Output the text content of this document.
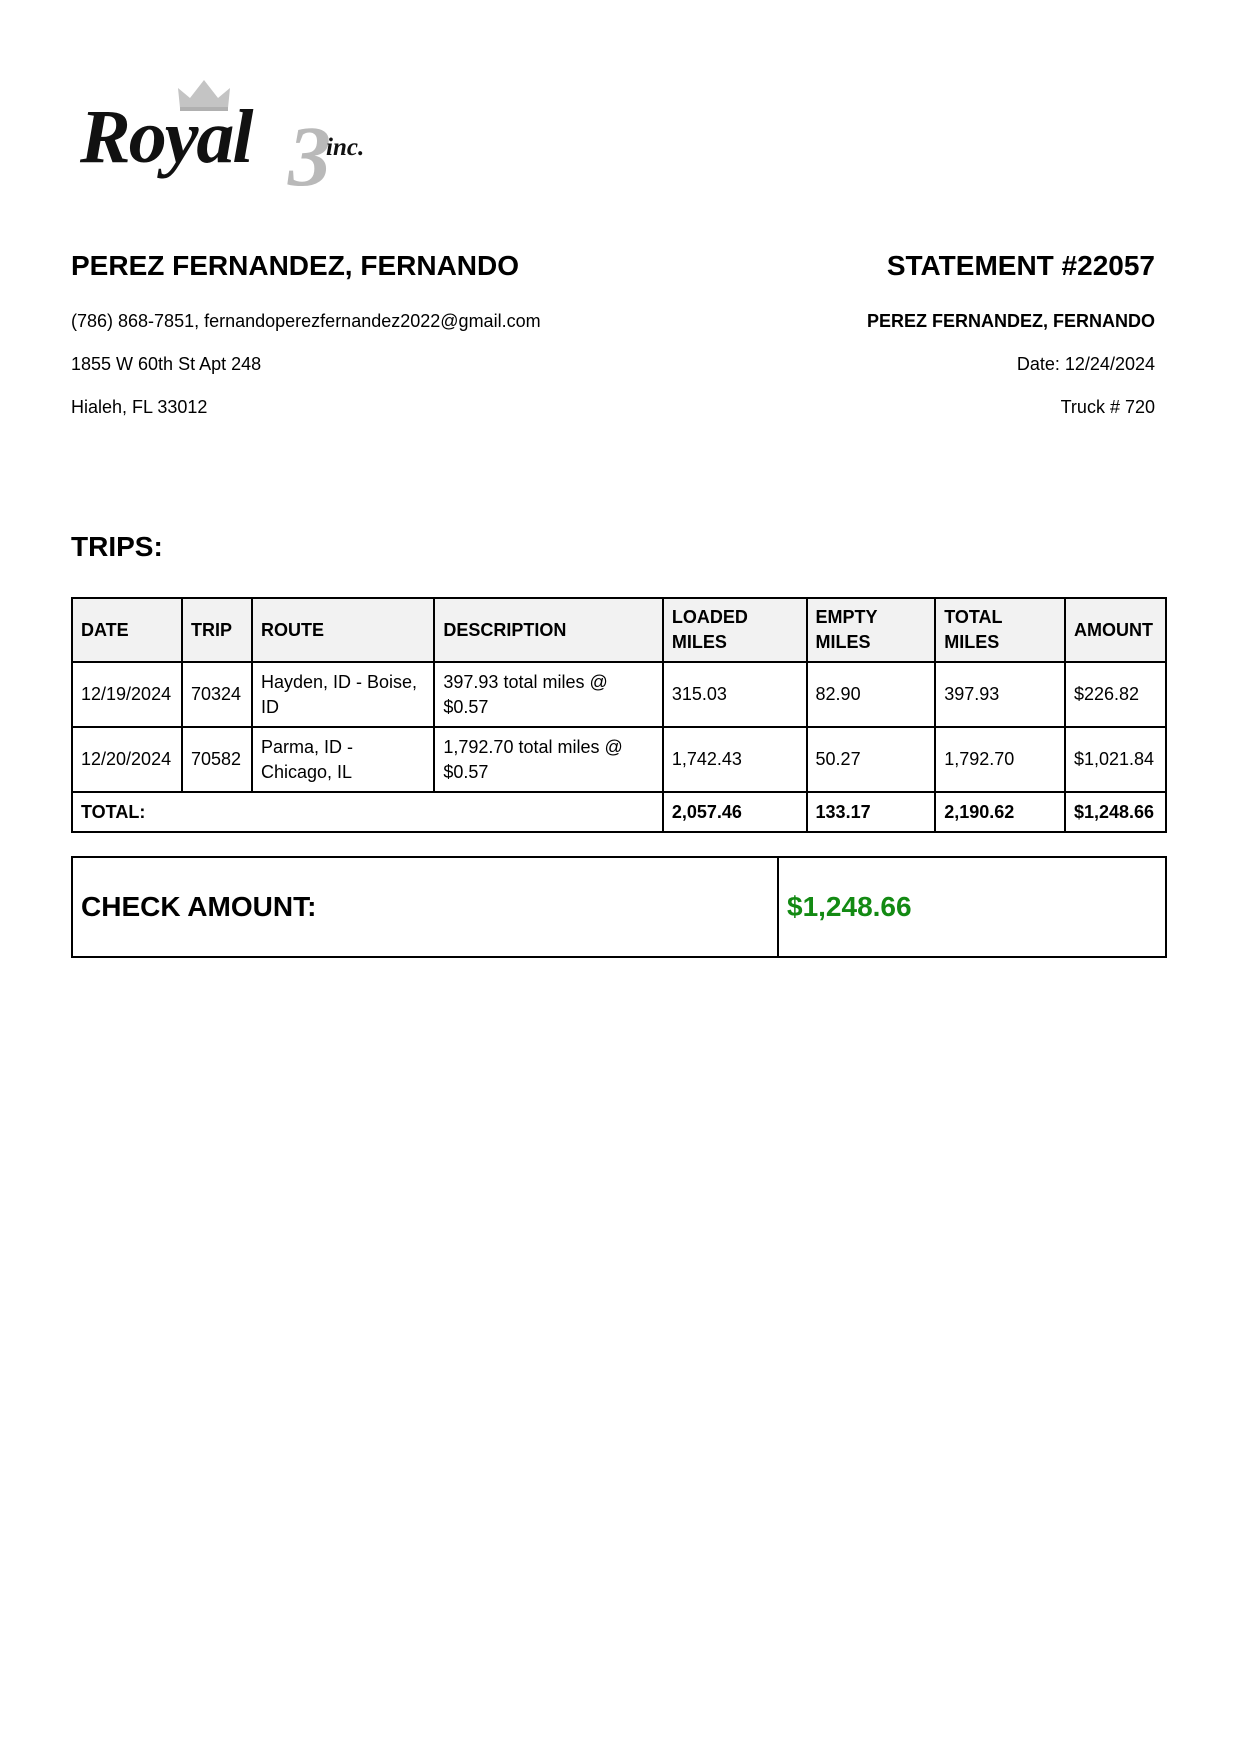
Royal 3
inc.
PEREZ FERNANDEZ, FERNANDO	STATEMENT #22057
(786) 868-7851, fernandoperezfernandez2022@gmail.com
1855 W 60th St Apt 248
Hialeh, FL 33012
PEREZ FERNANDEZ, FERNANDO
Date: 12/24/2024
Truck # 720
TRIPS:
DATE	TRIP	ROUTE	DESCRIPTION	LOADED MILES	EMPTY MILES	TOTAL MILES	AMOUNT
12/19/2024	70324	Hayden, ID - Boise, ID	397.93 total miles @ $0.57	315.03	82.90	397.93	$226.82
12/20/2024	70582	Parma, ID - Chicago, IL	1,792.70 total miles @ $0.57	1,742.43	50.27	1,792.70	$1,021.84
TOTAL:				2,057.46	133.17	2,190.62	$1,248.66
CHECK AMOUNT:	$1,248.66
